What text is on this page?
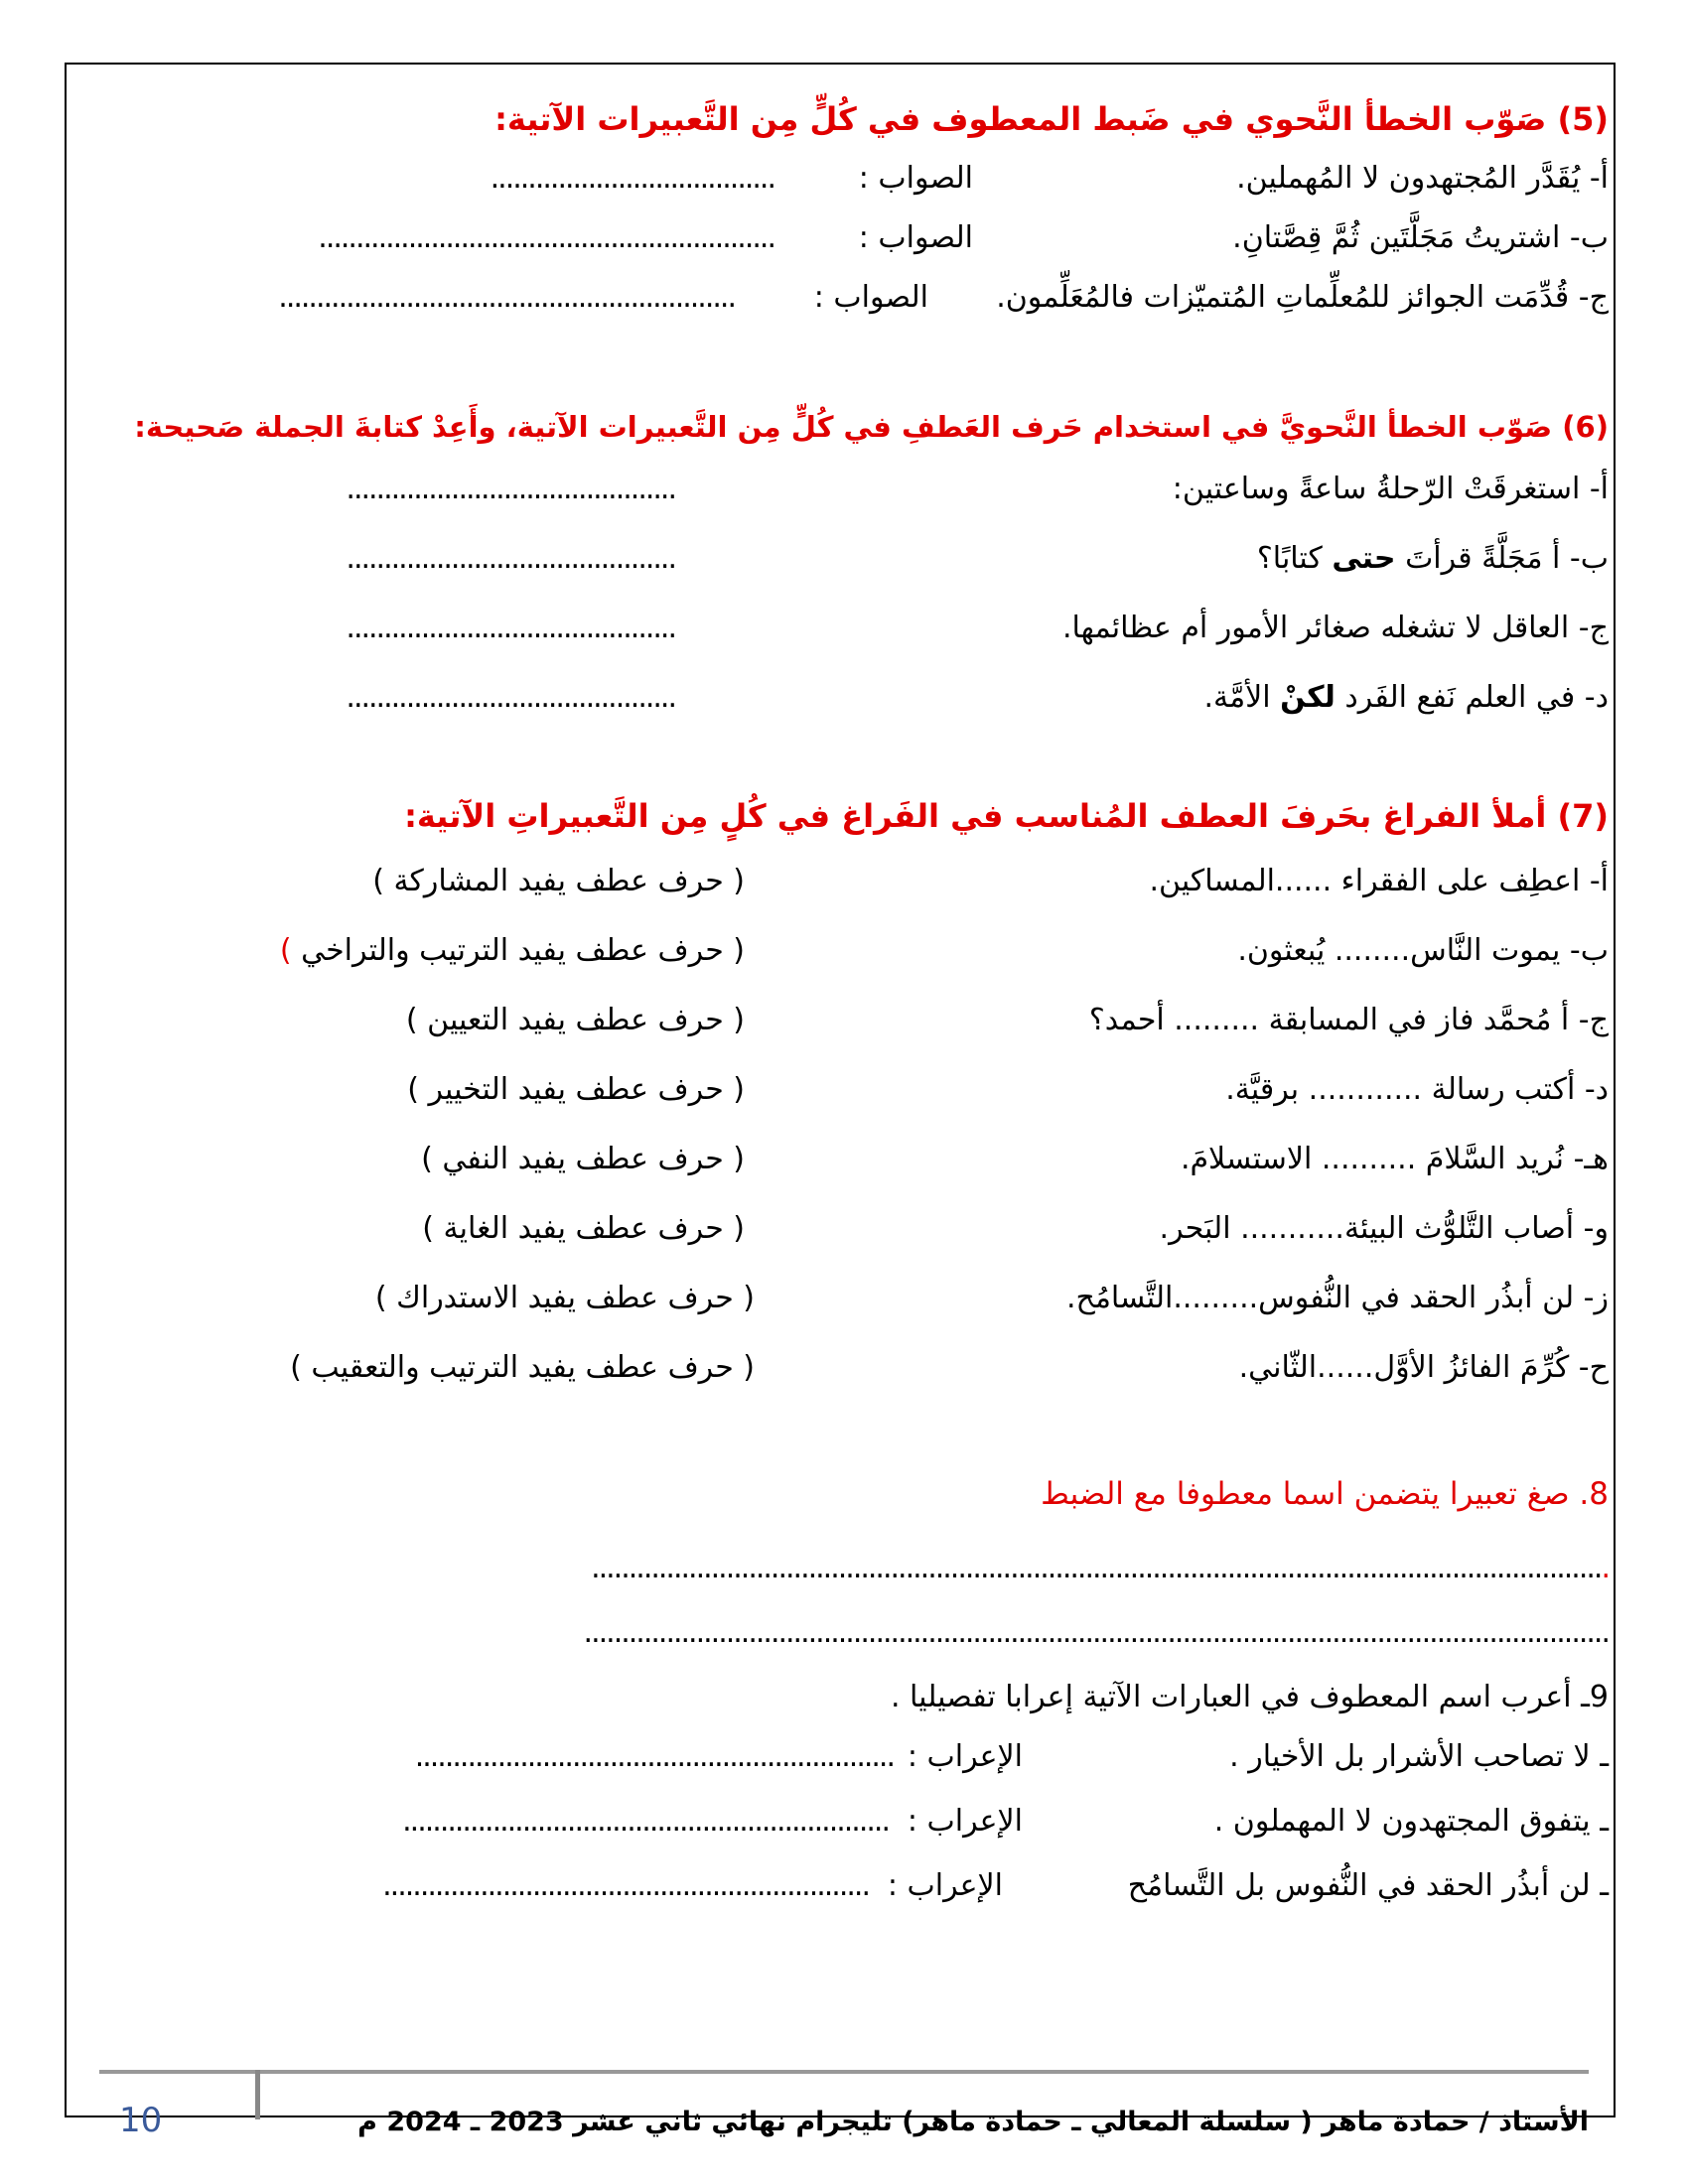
(5) صَوّب الخطأ النَّحوي في ضَبط المعطوف في كُلٍّ مِن التَّعبيرات الآتية:
أ- يُقَدَّر المُجتهدون لا المُهملين.
الصواب :
......................................
ب- اشتريتُ مَجَلَّتَين ثُمَّ قِصَّتانِ.
الصواب :
.............................................................
ج- قُدِّمَت الجوائز للمُعلِّماتِ المُتميّزات فالمُعَلِّمون.
الصواب :
.............................................................
(6) صَوّب الخطأ النَّحويَّ في استخدام حَرف العَطفِ في كُلٍّ مِن التَّعبيرات الآتية، وأَعِدْ كتابةَ الجملة صَحيحة:
أ- استغرقَتْ الرّحلةُ ساعةً وساعتين:
............................................
ب- أ مَجَلَّةً قرأتَ حتى كتابًا؟
............................................
ج- العاقل لا تشغله صغائر الأمور أم عظائمها.
............................................
د- في العلم نَفع الفَرد لكنْ الأمَّة.
............................................
(7) أملأ الفراغ بحَرفَ العطف المُناسب في الفَراغ في كُلٍ مِن التَّعبيراتِ الآتية:
أ- اعطِف على الفقراء ......المساكين.
( حرف عطف يفيد المشاركة )
ب- يموت النَّاس........ يُبعثون.
( حرف عطف يفيد الترتيب والتراخي )
ج- أ مُحمَّد فاز في المسابقة ......... أحمد؟
( حرف عطف يفيد التعيين )
د- أكتب رسالة ............ برقيَّة.
( حرف عطف يفيد التخيير )
هـ- نُريد السَّلامَ .......... الاستسلامَ.
( حرف عطف يفيد النفي )
و- أصاب التَّلوُّث البيئة........... البَحر.
( حرف عطف يفيد الغاية )
ز- لن أبذُر الحقد في النُّفوس.........التَّسامُح.
( حرف عطف يفيد الاستدراك )
ح- كُرِّمَ الفائزُ الأوَّل......الثّاني.
( حرف عطف يفيد الترتيب والتعقيب )
8. صغ تعبيرا يتضمن اسما معطوفا مع الضبط
........................................................................................................................................
.........................................................................................................................................
9ـ أعرب اسم المعطوف في العبارات الآتية إعرابا تفصيليا .
ـ لا تصاحب الأشرار بل الأخيار .
الإعراب :
................................................................
ـ يتفوق المجتهدون لا المهملون .
الإعراب :
.................................................................
ـ لن أبذُر الحقد في النُّفوس بل التَّسامُح
الإعراب :
.................................................................
الأستاذ / حمادة ماهر ( سلسلة المعالي ـ حمادة ماهر) تليجرام نهائي ثاني عشر 2023 ـ 2024 م
10
